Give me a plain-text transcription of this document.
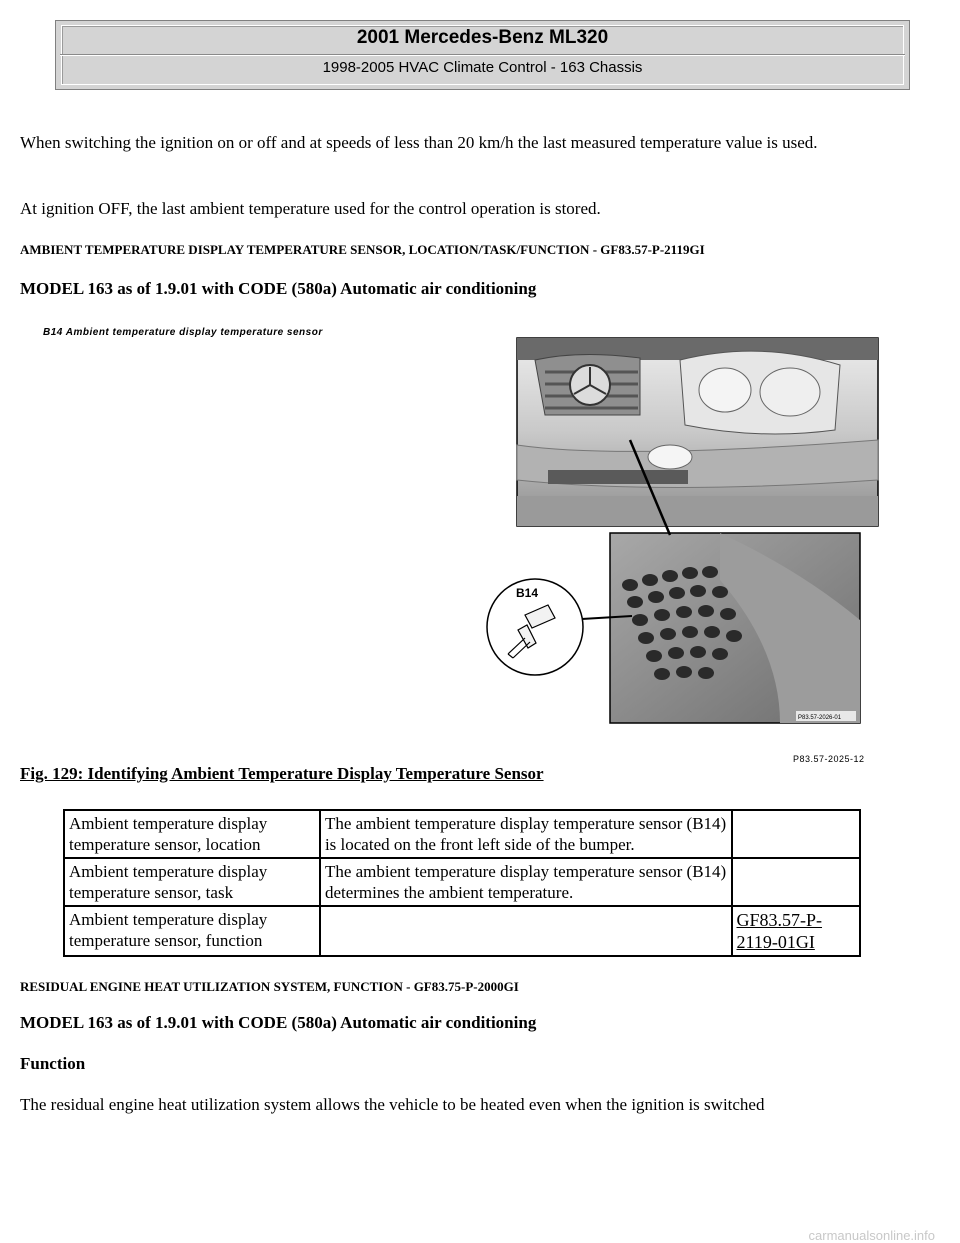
2001 Mercedes-Benz ML320
1998-2005 HVAC Climate Control - 163 Chassis

When switching the ignition on or off and at speeds of less than 20 km/h the last measured temperature value is used.

At ignition OFF, the last ambient temperature used for the control operation is stored.

AMBIENT TEMPERATURE DISPLAY TEMPERATURE SENSOR, LOCATION/TASK/FUNCTION - GF83.57-P-2119GI

MODEL 163 as of 1.9.01 with CODE (580a) Automatic air conditioning

B14 Ambient temperature display temperature sensor
P83.57-2026-01
B14
P83.57-2025-12
Fig. 129: Identifying Ambient Temperature Display Temperature Sensor
Ambient temperature display temperature sensor, location	The ambient temperature display temperature sensor (B14) is located on the front left side of the bumper.	
Ambient temperature display temperature sensor, task	The ambient temperature display temperature sensor (B14) determines the ambient temperature.	
Ambient temperature display temperature sensor, function		GF83.57-P-2119-01GI

RESIDUAL ENGINE HEAT UTILIZATION SYSTEM, FUNCTION - GF83.75-P-2000GI

MODEL 163 as of 1.9.01 with CODE (580a) Automatic air conditioning

Function

The residual engine heat utilization system allows the vehicle to be heated even when the ignition is switched

carmanualsonline.info
